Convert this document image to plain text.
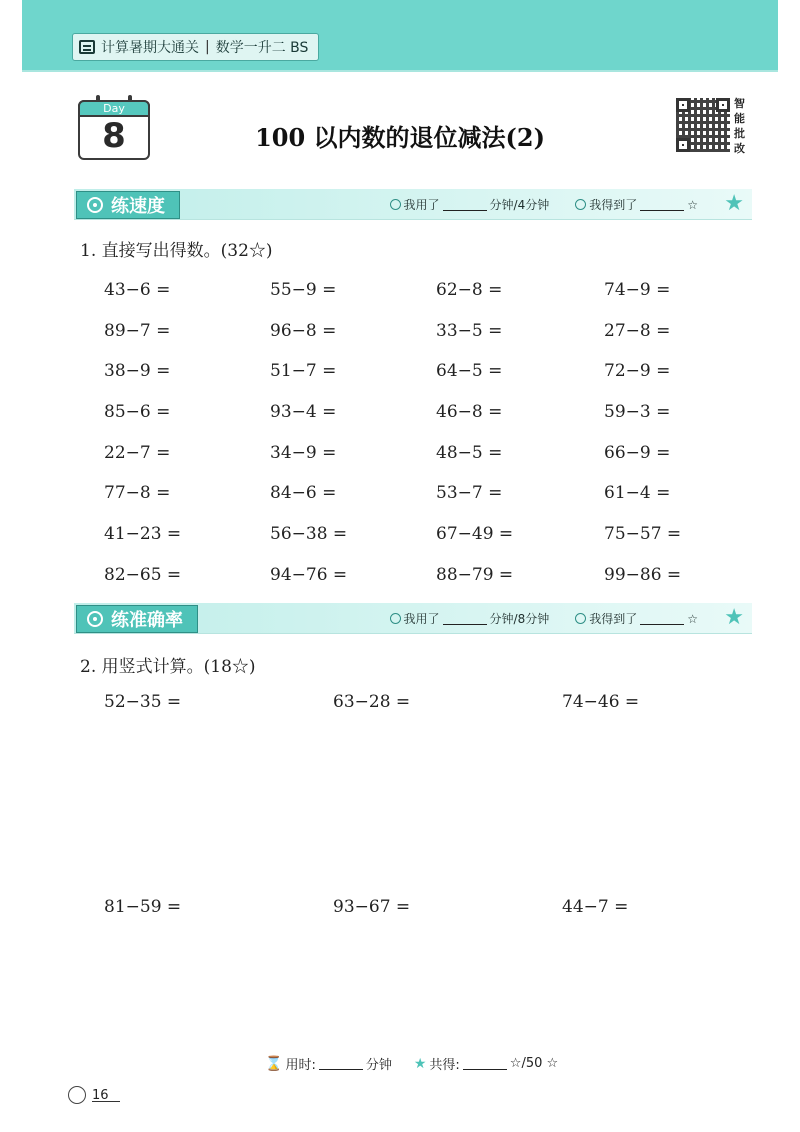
计算暑期大通关 | 数学一升二 BS
Day
8	100 以内数的退位减法(2)
智能批改
练速度	我用了	分钟/4分钟	我得到了	☆ ★
1. 直接写出得数。(32☆)
43−6 =	55−9 =	62−8 =	74−9 =
89−7 =	96−8 =	33−5 =	27−8 =
38−9 =	51−7 =	64−5 =	72−9 =
85−6 =	93−4 =	46−8 =	59−3 =
22−7 =	34−9 =	48−5 =	66−9 =
77−8 =	84−6 =	53−7 =	61−4 =
41−23 =	56−38 =	67−49 =	75−57 =
82−65 =	94−76 =	88−79 =	99−86 =
练准确率	我用了	分钟/8分钟	我得到了	☆ ★
2. 用竖式计算。(18☆)
52−35 =	63−28 =	74−46 =
81−59 =	93−67 =	44−7 =
⌛ 用时:	分钟 ★ 共得:	☆/50 ☆
16
